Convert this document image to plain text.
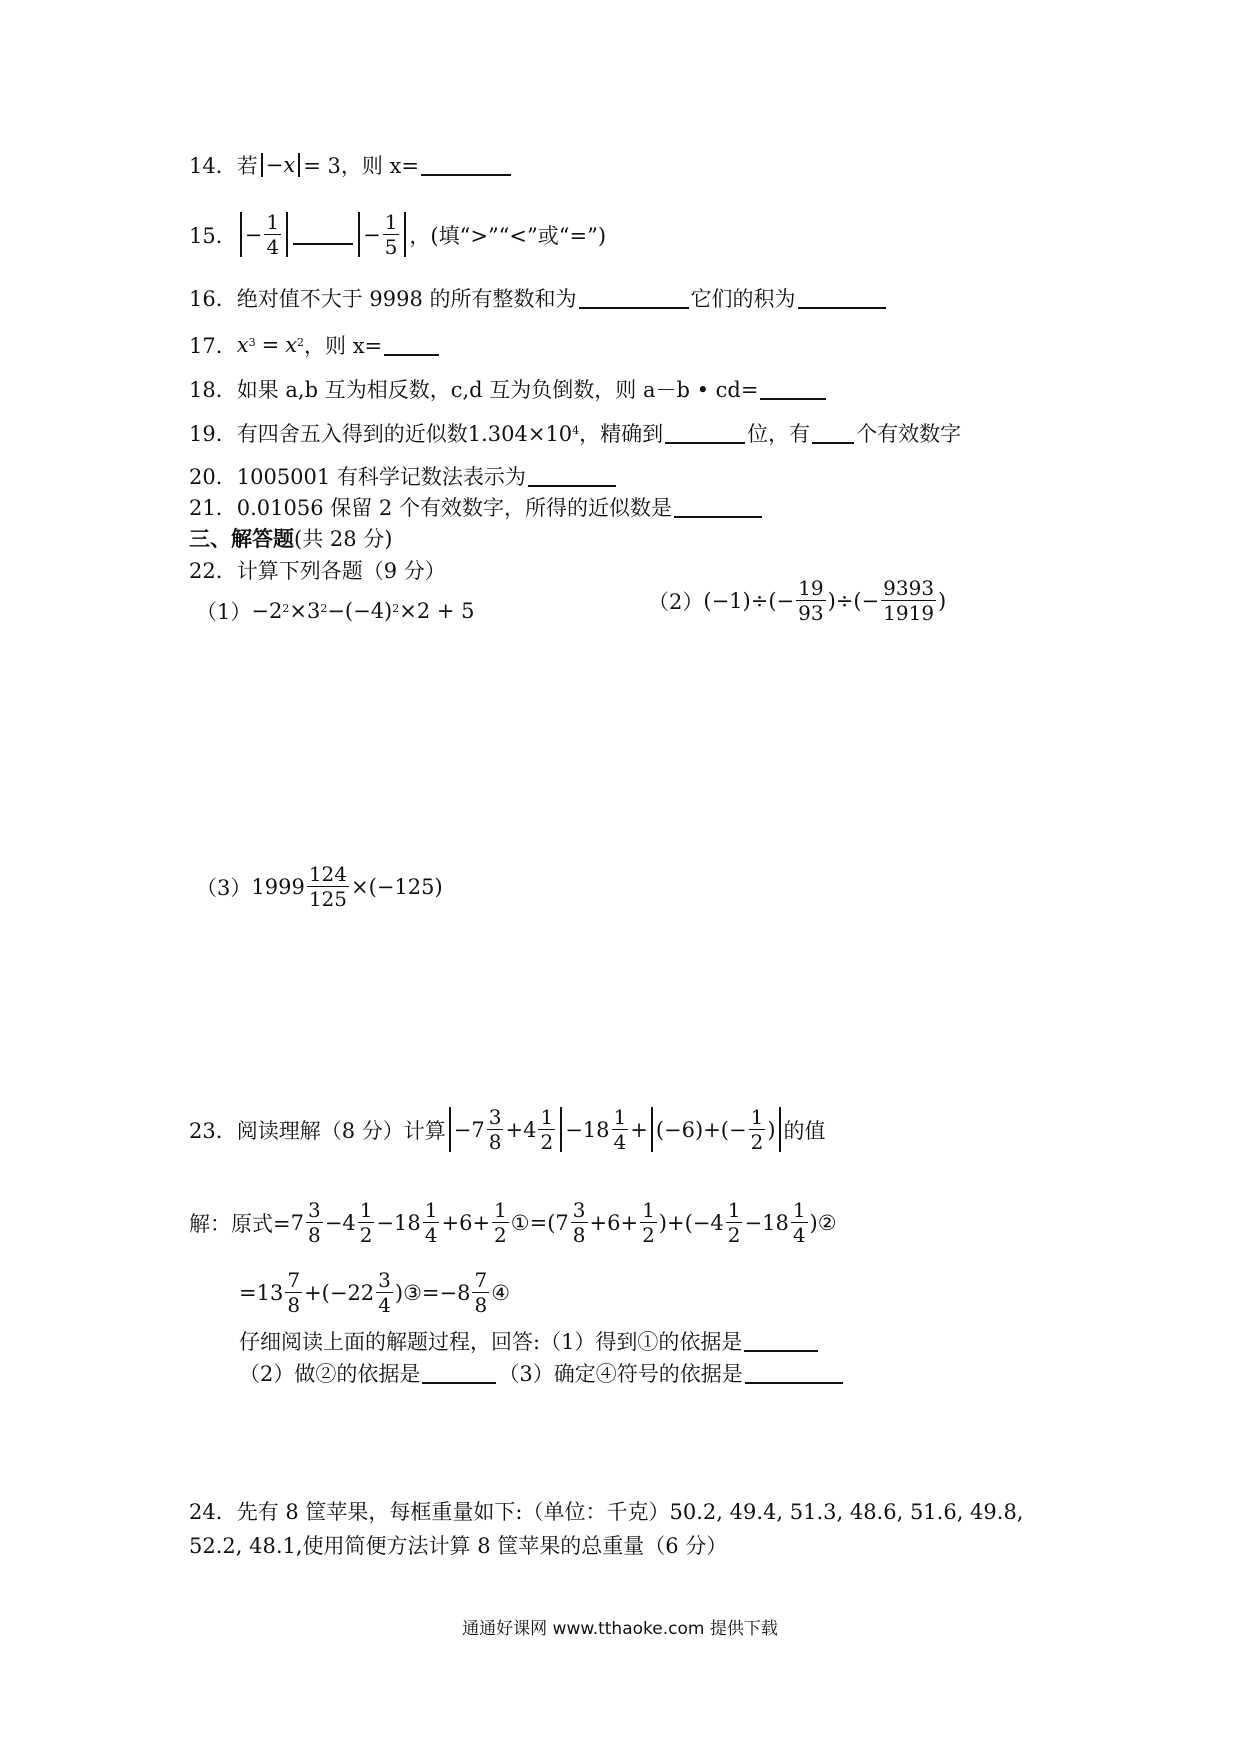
14． 若 −x = 3，则 x=
15． − $\frac{1}{4}$	− $\frac{1}{5}$ ，(填“>”“<”或“=”)
16． 绝对值不大于 9998 的所有整数和为	它们的积为
17． $x^3 = x^2$ ，则 x=
18． 如果 a,b 互为相反数，c,d 互为负倒数，则 a－b • cd=
19． 有四舍五入得到的近似数$1.304\times 10^4$ ，精确到	位，有 个有效数字
20． 1005001 有科学记数法表示为
21． 0.01056 保留 2 个有效数字，所得的近似数是
三、解答题 (共 28 分)
22．计算下列各题（9 分）
$(1) -2^2 \times 3^2 -(-4)^2 \times 2 + 5$	（2） $(-1)\div(- \frac{19}{93}$ )÷(− $\frac{9393}{1919}$ )
（3） $1999 \frac{124}{125} \times(-125)$
23． 阅读理解（8 分）计算 $-7 \frac{3}{8} +4 \frac{1}{2} -18 \frac{1}{4} + (-6)+(- \frac{1}{2}$ ) 的值
解：原式= $7 \frac{3}{8} -4 \frac{1}{2} -18 \frac{1}{4} +6+ \frac{1}{2}$ ①=(7 $\frac{3}{8} +6+ \frac{1}{2} )+(-4 \frac{1}{2} -18 \frac{1}{4}$ )②
$=13 \frac{7}{8} +(-22 \frac{3}{4}$ )③=−8 $\frac{7}{8}$ ④
仔细阅读上面的解题过程，回答:（1）得到①的依据是
（2）做②的依据是	（3）确定④符号的依据是
24．先有 8 筐苹果，每框重量如下:（单位：千克）50.2, 49.4, 51.3, 48.6, 51.6, 49.8,
52.2, 48.1,使用简便方法计算 8 筐苹果的总重量（6 分）
通通好课网 www.tthaoke.com 提供下载
